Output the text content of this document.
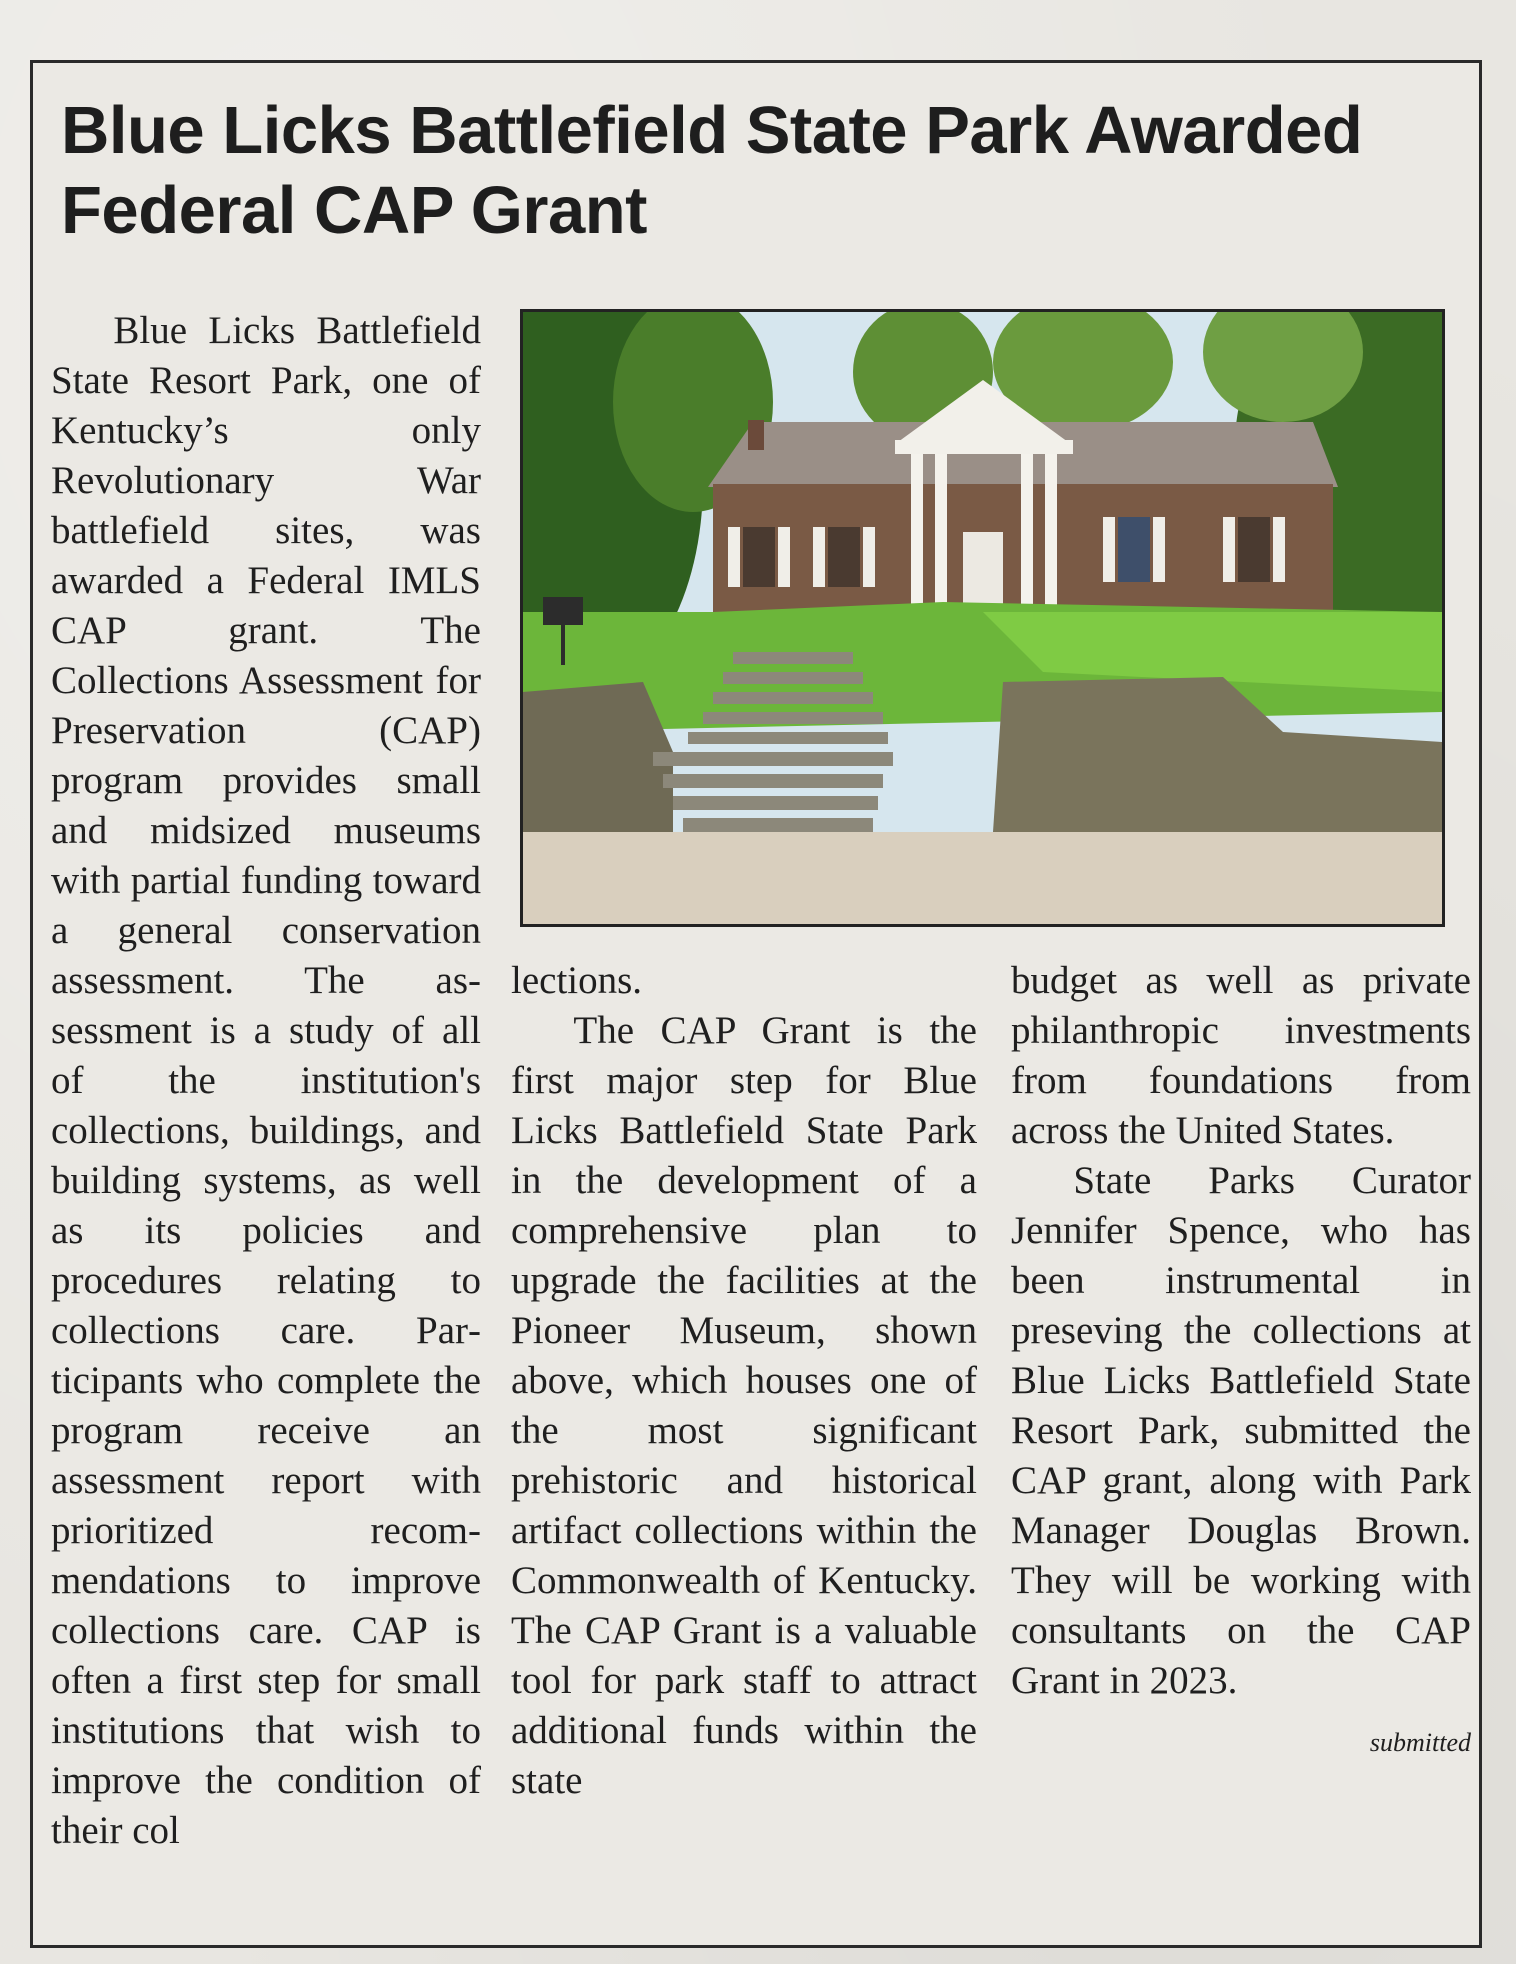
Blue Licks Battlefield State Park Awarded Federal CAP Grant

Blue Licks Battlefield State Resort Park, one of Kentucky’s only Revolutionary War battlefield sites, was awarded a Federal IMLS CAP grant. The Collections Assessment for Preservation (CAP) program provides small and midsized museums with partial funding toward a general conservation assessment. The assessment is a study of all of the institution's collections, buildings, and building systems, as well as its policies and procedures relating to collections care. Participants who complete the program receive an assessment report with prioritized recommendations to improve collections care. CAP is often a first step for small institutions that wish to improve the condition of their col

lections.

The CAP Grant is the first major step for Blue Licks Battlefield State Park in the development of a comprehensive plan to upgrade the facilities at the Pioneer Museum, shown above, which houses one of the most significant prehistoric and historical artifact collections within the Commonwealth of Kentucky. The CAP Grant is a valuable tool for park staff to attract additional funds within the state

budget as well as private philanthropic investments from foundations from across the United States.

State Parks Curator Jennifer Spence, who has been instrumental in preseving the collections at Blue Licks Battlefield State Resort Park, submitted the CAP grant, along with Park Manager Douglas Brown. They will be working with consultants on the CAP Grant in 2023.

submitted
